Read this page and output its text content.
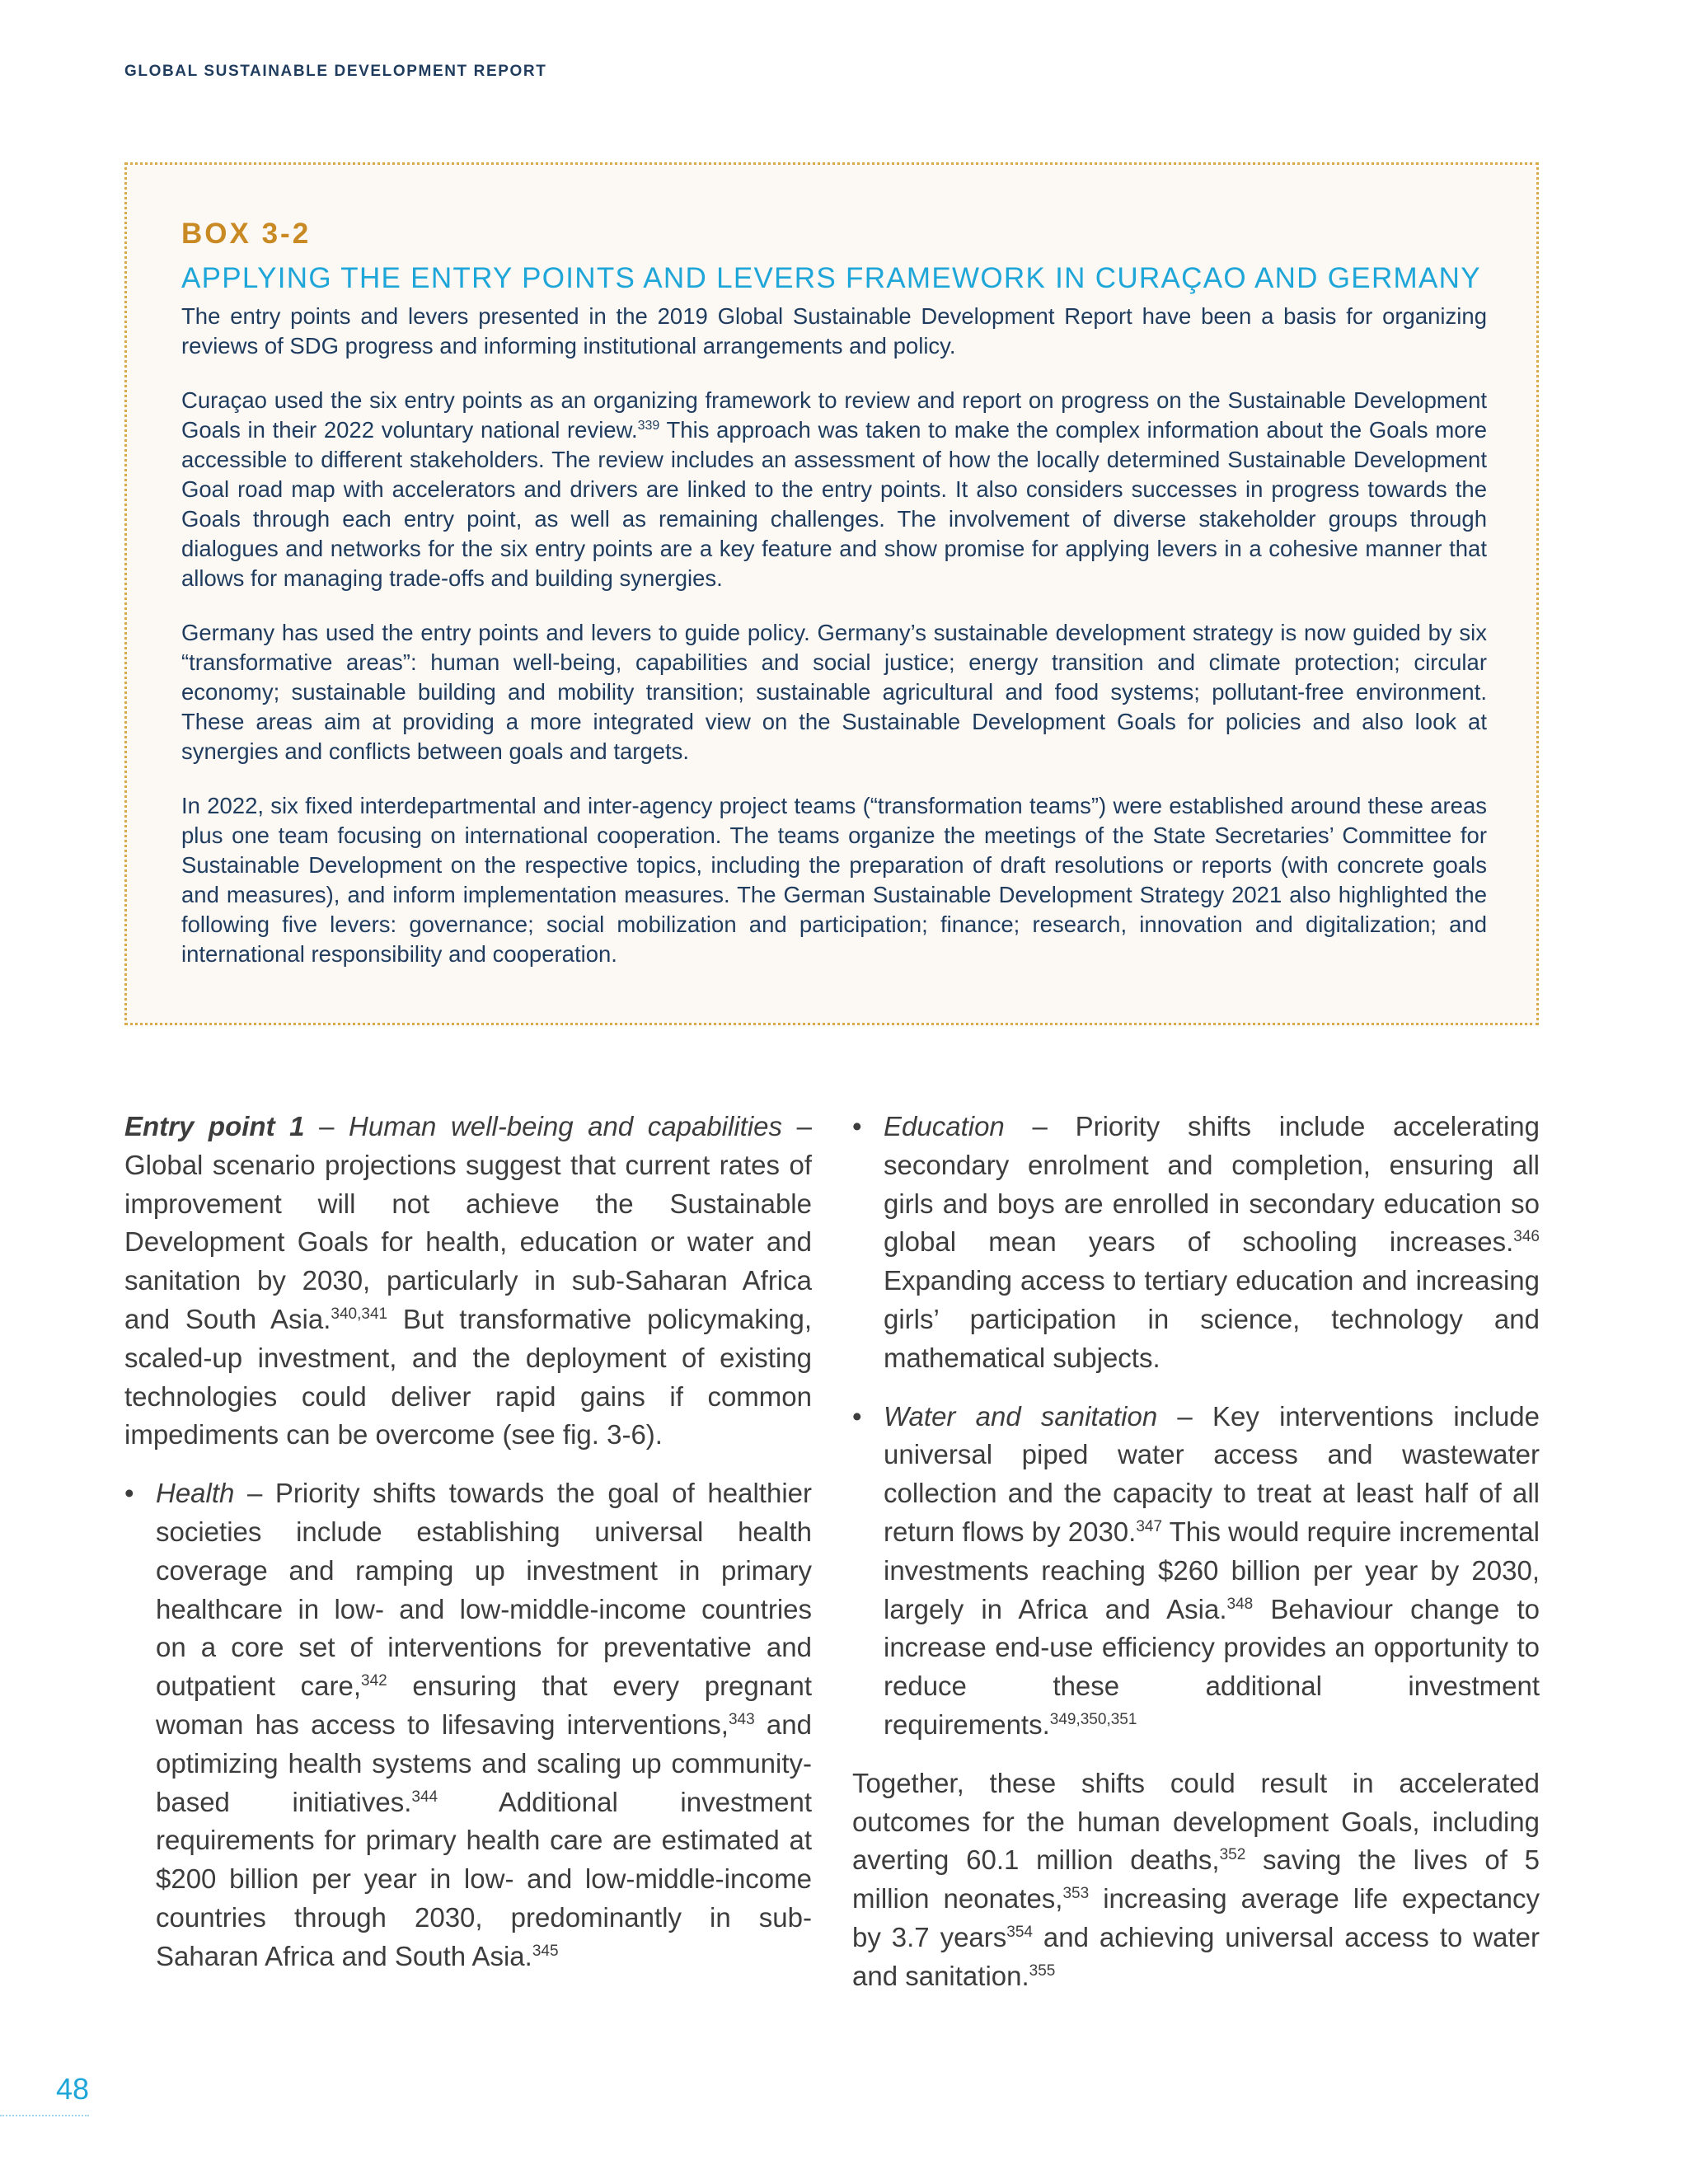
GLOBAL SUSTAINABLE DEVELOPMENT REPORT
BOX 3-2
APPLYING THE ENTRY POINTS AND LEVERS FRAMEWORK IN CURAÇAO AND GERMANY

The entry points and levers presented in the 2019 Global Sustainable Development Report have been a basis for organizing reviews of SDG progress and informing institutional arrangements and policy.

Curaçao used the six entry points as an organizing framework to review and report on progress on the Sustainable Development Goals in their 2022 voluntary national review.$^{339}$ This approach was taken to make the complex information about the Goals more accessible to different stakeholders. The review includes an assessment of how the locally determined Sustainable Development Goal road map with accelerators and drivers are linked to the entry points. It also considers successes in progress towards the Goals through each entry point, as well as remaining challenges. The involvement of diverse stakeholder groups through dialogues and networks for the six entry points are a key feature and show promise for applying levers in a cohesive manner that allows for managing trade-offs and building synergies.

Germany has used the entry points and levers to guide policy. Germany’s sustainable development strategy is now guided by six “transformative areas”: human well-being, capabilities and social justice; energy transition and climate protection; circular economy; sustainable building and mobility transition; sustainable agricultural and food systems; pollutant-free environment. These areas aim at providing a more integrated view on the Sustainable Development Goals for policies and also look at synergies and conflicts between goals and targets.

In 2022, six fixed interdepartmental and inter-agency project teams (“transformation teams”) were established around these areas plus one team focusing on international cooperation. The teams organize the meetings of the State Secretaries’ Committee for Sustainable Development on the respective topics, including the preparation of draft resolutions or reports (with concrete goals and measures), and inform implementation measures. The German Sustainable Development Strategy 2021 also highlighted the following five levers: governance; social mobilization and participation; finance; research, innovation and digitalization; and international responsibility and cooperation.

Entry point 1 – Human well-being and capabilities – Global scenario projections suggest that current rates of improvement will not achieve the Sustainable Development Goals for health, education or water and sanitation by 2030, particularly in sub-Saharan Africa and South Asia.$^{340,341}$ But transformative policymaking, scaled-up investment, and the deployment of existing technologies could deliver rapid gains if common impediments can be overcome (see fig. 3-6).

• Health – Priority shifts towards the goal of healthier societies include establishing universal health coverage and ramping up investment in primary healthcare in low- and low-middle-income countries on a core set of interventions for preventative and outpatient care,$^{342}$ ensuring that every pregnant woman has access to lifesaving interventions,$^{343}$ and optimizing health systems and scaling up community-based initiatives.$^{344}$ Additional investment requirements for primary health care are estimated at $200 billion per year in low- and low-middle-income countries through 2030, predominantly in sub-Saharan Africa and South Asia.$^{345}$
• Education – Priority shifts include accelerating secondary enrolment and completion, ensuring all girls and boys are enrolled in secondary education so global mean years of schooling increases.$^{346}$ Expanding access to tertiary education and increasing girls’ participation in science, technology and mathematical subjects.
• Water and sanitation – Key interventions include universal piped water access and wastewater collection and the capacity to treat at least half of all return flows by 2030.$^{347}$ This would require incremental investments reaching $260 billion per year by 2030, largely in Africa and Asia.$^{348}$ Behaviour change to increase end-use efficiency provides an opportunity to reduce these additional investment requirements.$^{349,350,351}$

Together, these shifts could result in accelerated outcomes for the human development Goals, including averting 60.1 million deaths,$^{352}$ saving the lives of 5 million neonates,$^{353}$ increasing average life expectancy by 3.7 years$^{354}$ and achieving universal access to water and sanitation.$^{355}$

48
